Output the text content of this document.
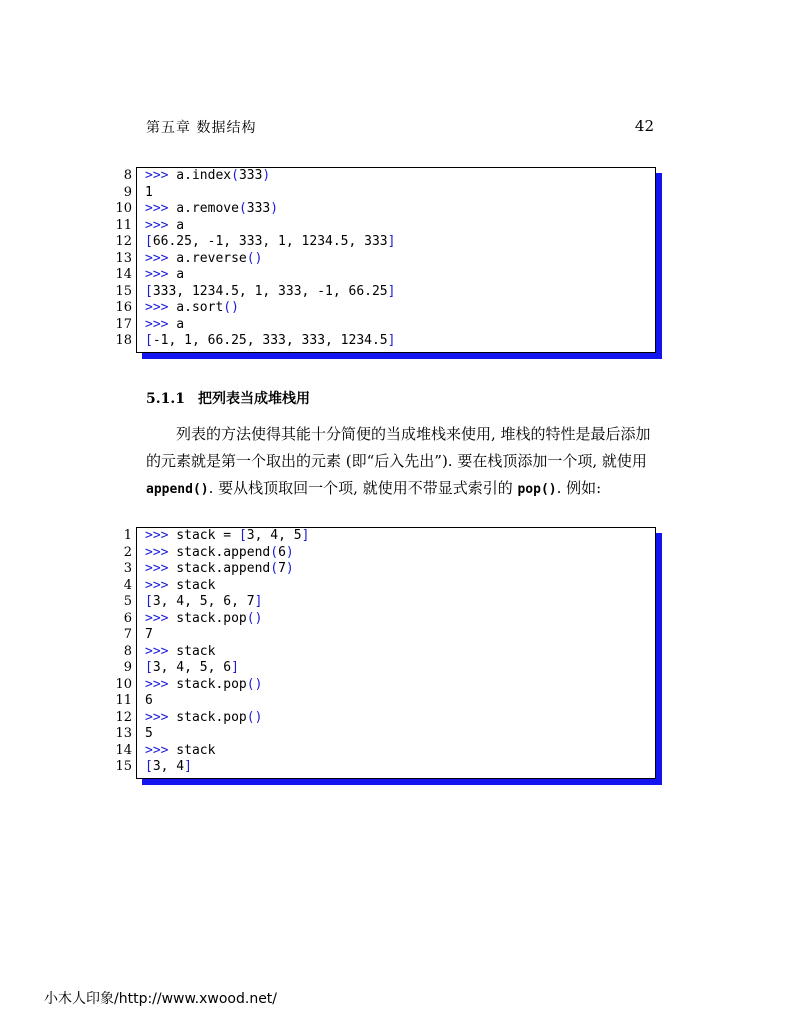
第五章 数据结构	42
8
9
10
11
12
13
14
15
16
17
18
>>> a.index(333)
1
>>> a.remove(333)
>>> a
[66.25, -1, 333, 1, 1234.5, 333]
>>> a.reverse()
>>> a
[333, 1234.5, 1, 333, -1, 66.25]
>>> a.sort()
>>> a
[-1, 1, 66.25, 333, 333, 1234.5]
5.1.1 把列表当成堆栈用
列表的方法使得其能十分简便的当成堆栈来使用, 堆栈的特性是最后添加的元素就是第一个取出的元素 (即“后入先出”). 要在栈顶添加一个项, 就使用 append(). 要从栈顶取回一个项, 就使用不带显式索引的 pop(). 例如:
1
2
3
4
5
6
7
8
9
10
11
12
13
14
15
>>> stack = [3, 4, 5]
>>> stack.append(6)
>>> stack.append(7)
>>> stack
[3, 4, 5, 6, 7]
>>> stack.pop()
7
>>> stack
[3, 4, 5, 6]
>>> stack.pop()
6
>>> stack.pop()
5
>>> stack
[3, 4]
小木人印象/http://www.xwood.net/
